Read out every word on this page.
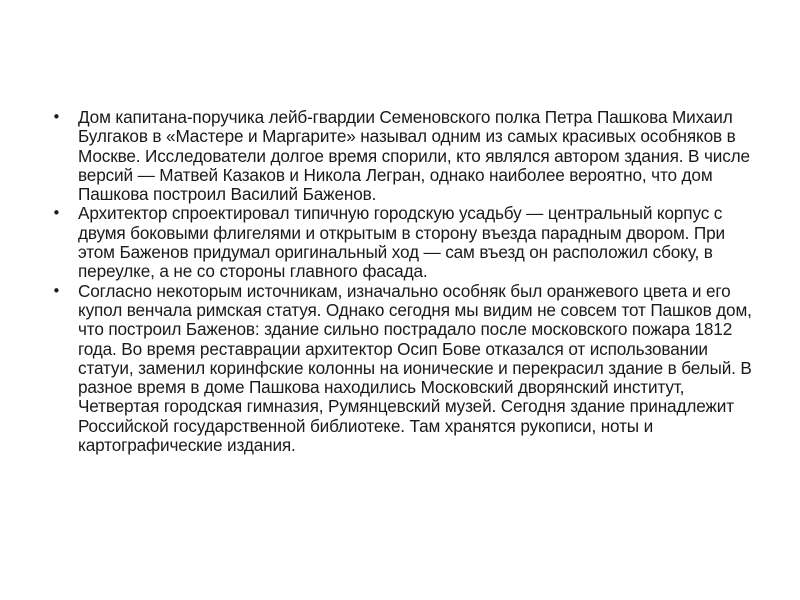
•	Дом капитана-поручика лейб-гвардии Семеновского полка Петра Пашкова Михаил Булгаков в «Мастере и Маргарите» называл одним из самых красивых особняков в Москве. Исследователи долгое время спорили, кто являлся автором здания. В числе версий — Матвей Казаков и Никола Легран, однако наиболее вероятно, что дом Пашкова построил Василий Баженов.
•	Архитектор спроектировал типичную городскую усадьбу — центральный корпус с двумя боковыми флигелями и открытым в сторону въезда парадным двором. При этом Баженов придумал оригинальный ход — сам въезд он расположил сбоку, в переулке, а не со стороны главного фасада.
•	Согласно некоторым источникам, изначально особняк был оранжевого цвета и его купол венчала римская статуя. Однако сегодня мы видим не совсем тот Пашков дом, что построил Баженов: здание сильно пострадало после московского пожара 1812 года. Во время реставрации архитектор Осип Бове отказался от использовании статуи, заменил коринфские колонны на ионические и перекрасил здание в белый. В разное время в доме Пашкова находились Московский дворянский институт, Четвертая городская гимназия, Румянцевский музей. Сегодня здание принадлежит Российской государственной библиотеке. Там хранятся рукописи, ноты и картографические издания.
